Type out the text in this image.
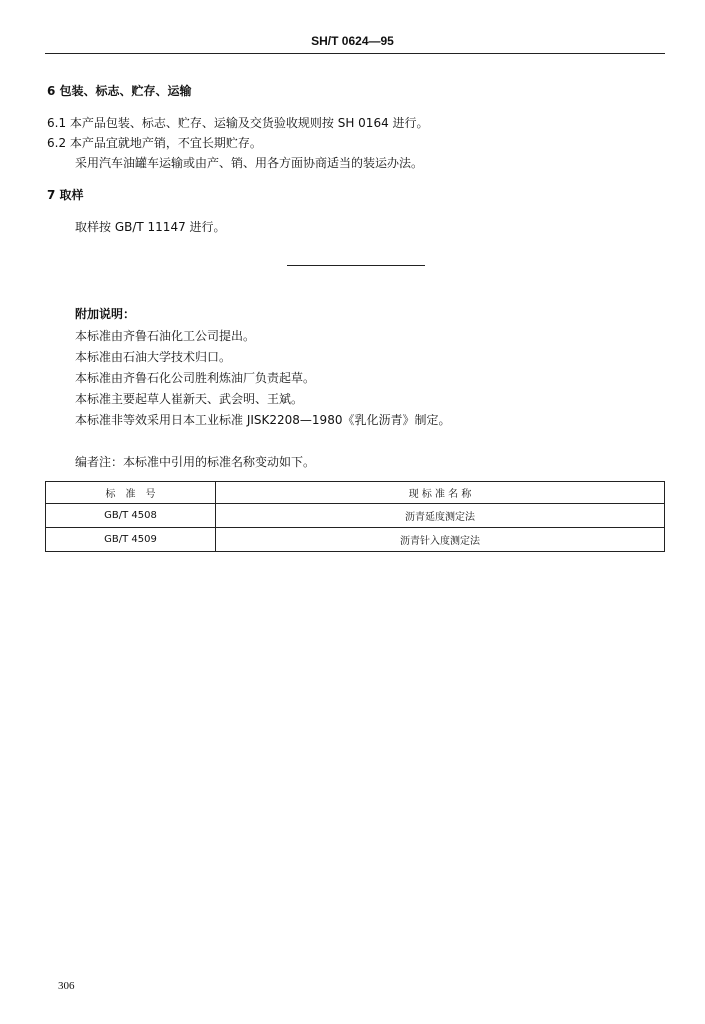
SH/T 0624—95
6 包装、标志、贮存、运输
6.1 本产品包装、标志、贮存、运输及交货验收规则按 SH 0164 进行。
6.2 本产品宜就地产销，不宜长期贮存。
采用汽车油罐车运输或由产、销、用各方面协商适当的装运办法。
7 取样
取样按 GB/T 11147 进行。
附加说明：
本标准由齐鲁石油化工公司提出。
本标准由石油大学技术归口。
本标准由齐鲁石化公司胜利炼油厂负责起草。
本标准主要起草人崔新天、武会明、王斌。
本标准非等效采用日本工业标准 JISK2208—1980《乳化沥青》制定。
编者注：本标准中引用的标准名称变动如下。
标　准　号	现 标 准 名 称
GB/T 4508	沥青延度测定法
GB/T 4509	沥青针入度测定法
306
